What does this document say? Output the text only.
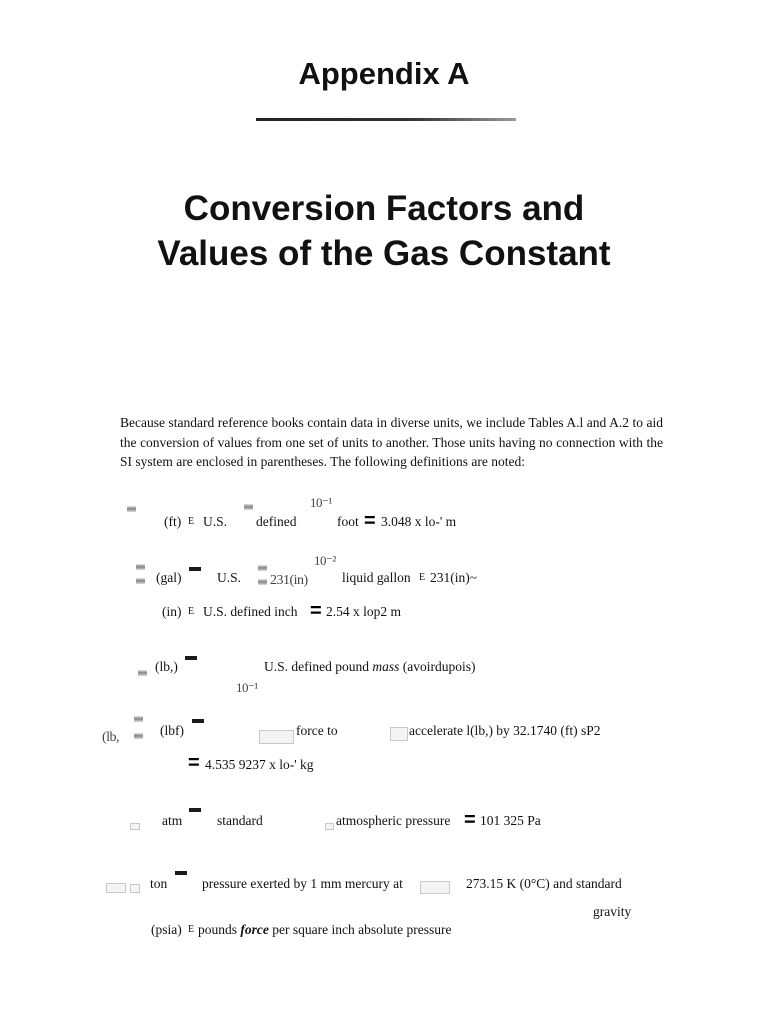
Appendix A
Conversion Factors and
Values of the Gas Constant
Because standard reference books contain data in diverse units, we include Tables A.l and A.2 to aid the conversion of values from one set of units to another. Those units having no connection with the SI system are enclosed in parentheses. The following definitions are noted:
(ft) E U.S. defined
10⁻¹
foot = 3.048 x lo-' m
(gal)	U.S.
10⁻²
231(in)	liquid gallon E 231(in)~
(in) E U.S. defined inch = 2.54 x lop2 m
(lb,)	U.S. defined pound mass (avoirdupois)
10⁻¹
(lb,	(lbf)	force to	accelerate l(lb,) by 32.1740 (ft) sP2
= 4.535 9237 x lo-' kg
atm	standard	atmospheric pressure = 101 325 Pa
ton	pressure exerted by 1 mm mercury at	273.15 K (0°C) and standard
gravity
(psia) E pounds force per square inch absolute pressure
